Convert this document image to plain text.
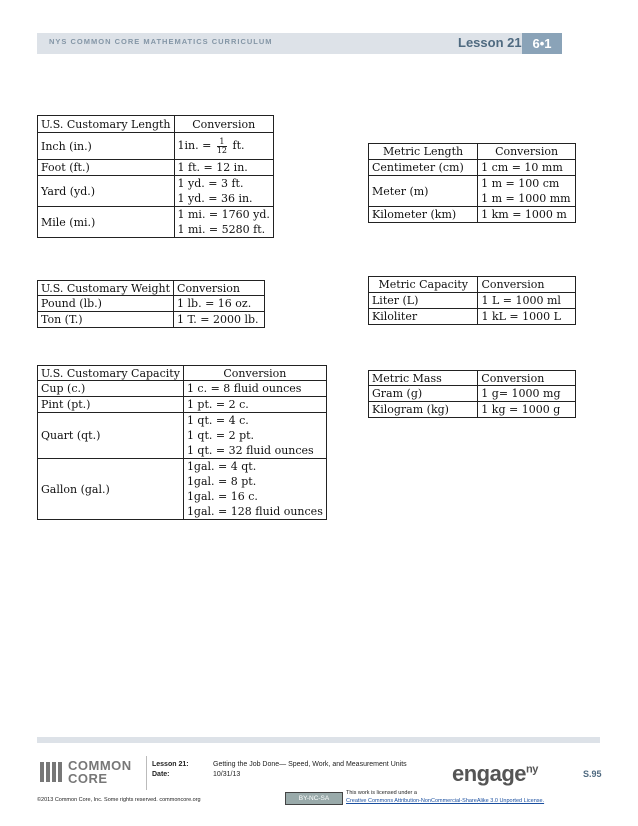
NYS COMMON CORE MATHEMATICS CURRICULUM	Lesson 21 6•1
U.S. Customary Length	Conversion
Inch (in.)	1in. = $\frac{1}{12}$ ft.

Foot (ft.)	1 ft. = 12 in.

Yard (yd.)	1 yd. = 3 ft.
1 yd. = 36 in.

Mile (mi.)	1 mi. = 1760 yd.
1 mi. = 5280 ft.
Metric Length	Conversion
Centimeter (cm)	1 cm = 10 mm

Meter (m)	1 m = 100 cm
1 m = 1000 mm

Kilometer (km)	1 km = 1000 m
U.S. Customary Weight	Conversion
Pound (lb.)	1 lb. = 16 oz.

Ton (T.)	1 T. = 2000 lb.
Metric Capacity	Conversion
Liter (L)	1 L = 1000 ml

Kiloliter	1 kL = 1000 L
U.S. Customary Capacity	Conversion
Cup (c.)	1 c. = 8 fluid ounces

Pint (pt.)	1 pt. = 2 c.

Quart (qt.)	1 qt. = 4 c.
1 qt. = 2 pt.
1 qt. = 32 fluid ounces

Gallon (gal.)	1gal. = 4 qt.
1gal. = 8 pt.
1gal. = 16 c.
1gal. = 128 fluid ounces
Metric Mass	Conversion
Gram (g)	1 g= 1000 mg

Kilogram (kg)	1 kg = 1000 g
COMMON
CORE
Lesson 21:	Getting the Job Done— Speed, Work, and Measurement Units
Date:	10/31/13	engage$^{ny}$	S.95
©2013 Common Core, Inc. Some rights reserved. commoncore.org	BY-NC-SA
This work is licensed under a
Creative Commons Attribution-NonCommercial-ShareAlike 3.0 Unported License.
